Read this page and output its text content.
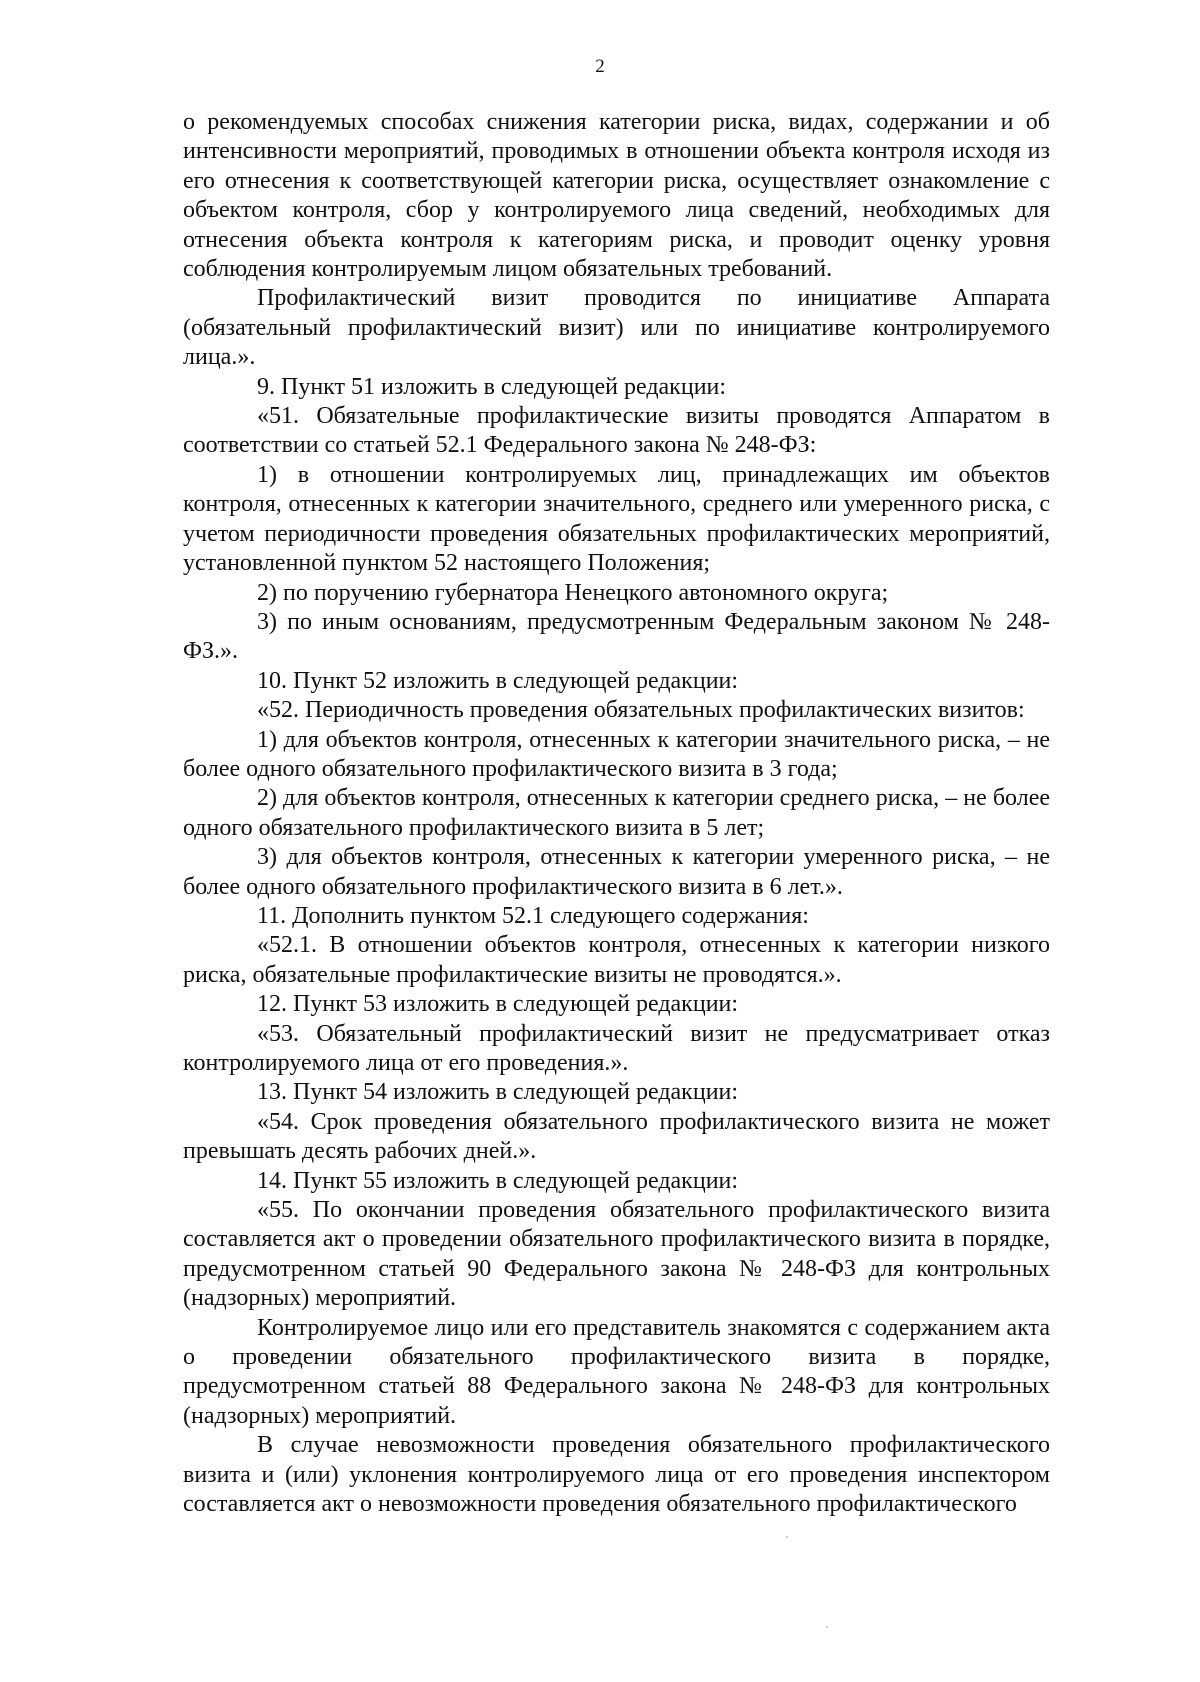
2

о рекомендуемых способах снижения категории риска, видах, содержании и об интенсивности мероприятий, проводимых в отношении объекта контроля исходя из его отнесения к соответствующей категории риска, осуществляет ознакомление с объектом контроля, сбор у контролируемого лица сведений, необходимых для отнесения объекта контроля к категориям риска, и проводит оценку уровня соблюдения контролируемым лицом обязательных требований.

Профилактический визит проводится по инициативе Аппарата (обязательный профилактический визит) или по инициативе контролируемого лица.».

9. Пункт 51 изложить в следующей редакции:

«51. Обязательные профилактические визиты проводятся Аппаратом в соответствии со статьей 52.1 Федерального закона № 248-ФЗ:

1) в отношении контролируемых лиц, принадлежащих им объектов контроля, отнесенных к категории значительного, среднего или умеренного риска, с учетом периодичности проведения обязательных профилактических мероприятий, установленной пунктом 52 настоящего Положения;

2) по поручению губернатора Ненецкого автономного округа;

3) по иным основаниям, предусмотренным Федеральным законом № 248-ФЗ.».

10. Пункт 52 изложить в следующей редакции:

«52. Периодичность проведения обязательных профилактических визитов:

1) для объектов контроля, отнесенных к категории значительного риска, – не более одного обязательного профилактического визита в 3 года;

2) для объектов контроля, отнесенных к категории среднего риска, – не более одного обязательного профилактического визита в 5 лет;

3) для объектов контроля, отнесенных к категории умеренного риска, – не более одного обязательного профилактического визита в 6 лет.».

11. Дополнить пунктом 52.1 следующего содержания:

«52.1. В отношении объектов контроля, отнесенных к категории низкого риска, обязательные профилактические визиты не проводятся.».

12. Пункт 53 изложить в следующей редакции:

«53. Обязательный профилактический визит не предусматривает отказ контролируемого лица от его проведения.».

13. Пункт 54 изложить в следующей редакции:

«54. Срок проведения обязательного профилактического визита не может превышать десять рабочих дней.».

14. Пункт 55 изложить в следующей редакции:

«55. По окончании проведения обязательного профилактического визита составляется акт о проведении обязательного профилактического визита в порядке, предусмотренном статьей 90 Федерального закона № 248-ФЗ для контрольных (надзорных) мероприятий.

Контролируемое лицо или его представитель знакомятся с содержанием акта о проведении обязательного профилактического визита в порядке, предусмотренном статьей 88 Федерального закона № 248-ФЗ для контрольных (надзорных) мероприятий.

В случае невозможности проведения обязательного профилактического визита и (или) уклонения контролируемого лица от его проведения инспектором составляется акт о невозможности проведения обязательного профилактического
